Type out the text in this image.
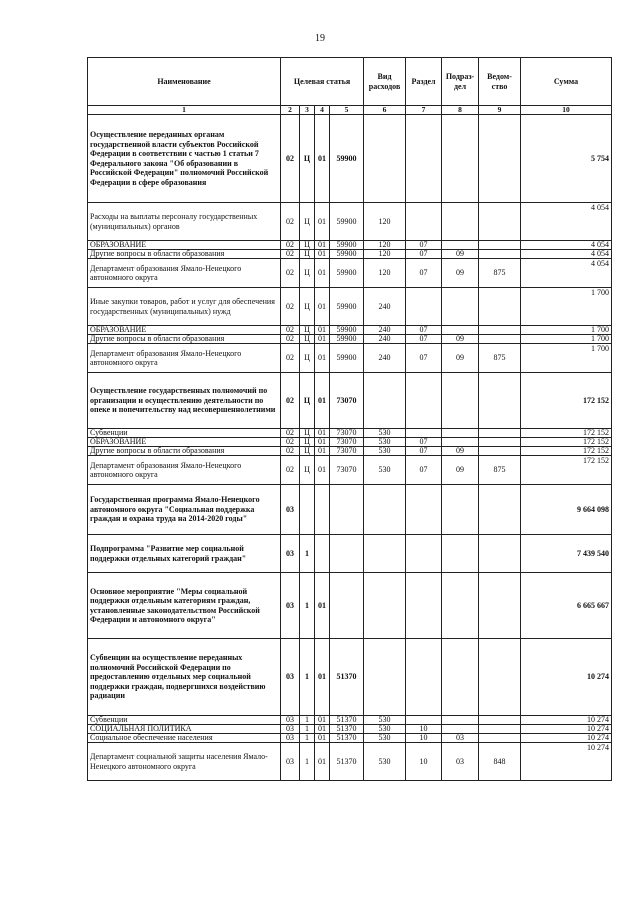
19
Наименование	Целевая статья				Вид расходов	Раздел	Подраз-дел	Ведом-ство	Сумма
1	2	3	4	5	6	7	8	9	10
Осуществление переданных органам государственной власти субъектов Российской Федерации в соответствии с частью 1 статьи 7 Федерального закона "Об образовании в Российской Федерации" полномочий Российской Федерации в сфере образования	02	Ц	01	59900					5 754
Расходы на выплаты персоналу государственных (муниципальных) органов	02	Ц	01	59900	120				4 054
ОБРАЗОВАНИЕ	02	Ц	01	59900	120	07			4 054
Другие вопросы в области образования	02	Ц	01	59900	120	07	09		4 054
Департамент образования Ямало-Ненецкого автономного округа	02	Ц	01	59900	120	07	09	875	4 054
Иные закупки товаров, работ и услуг для обеспечения государственных (муниципальных) нужд	02	Ц	01	59900	240				1 700
ОБРАЗОВАНИЕ	02	Ц	01	59900	240	07			1 700
Другие вопросы в области образования	02	Ц	01	59900	240	07	09		1 700
Департамент образования Ямало-Ненецкого автономного округа	02	Ц	01	59900	240	07	09	875	1 700
Осуществление государственных полномочий по организации и осуществлению деятельности по опеке и попечительству над несовершеннолетними	02	Ц	01	73070					172 152
Субвенции	02	Ц	01	73070	530				172 152
ОБРАЗОВАНИЕ	02	Ц	01	73070	530	07			172 152
Другие вопросы в области образования	02	Ц	01	73070	530	07	09		172 152
Департамент образования Ямало-Ненецкого автономного округа	02	Ц	01	73070	530	07	09	875	172 152
Государственная программа Ямало-Ненецкого автономного округа "Социальная поддержка граждан и охрана труда на 2014-2020 годы"	03								9 664 098
Подпрограмма "Развитие мер социальной поддержки отдельных категорий граждан"	03	1							7 439 540
Основное мероприятие "Меры социальной поддержки отдельным категориям граждан, установленные законодательством Российской Федерации и автономного округа"	03	1	01						6 665 667
Субвенции на осуществление переданных полномочий Российской Федерации по предоставлению отдельных мер социальной поддержки граждан, подвергшихся воздействию радиации	03	1	01	51370					10 274
Субвенции	03	1	01	51370	530				10 274
СОЦИАЛЬНАЯ ПОЛИТИКА	03	1	01	51370	530	10			10 274
Социальное обеспечение населения	03	1	01	51370	530	10	03		10 274
Департамент социальной защиты населения Ямало-Ненецкого автономного округа	03	1	01	51370	530	10	03	848	10 274
